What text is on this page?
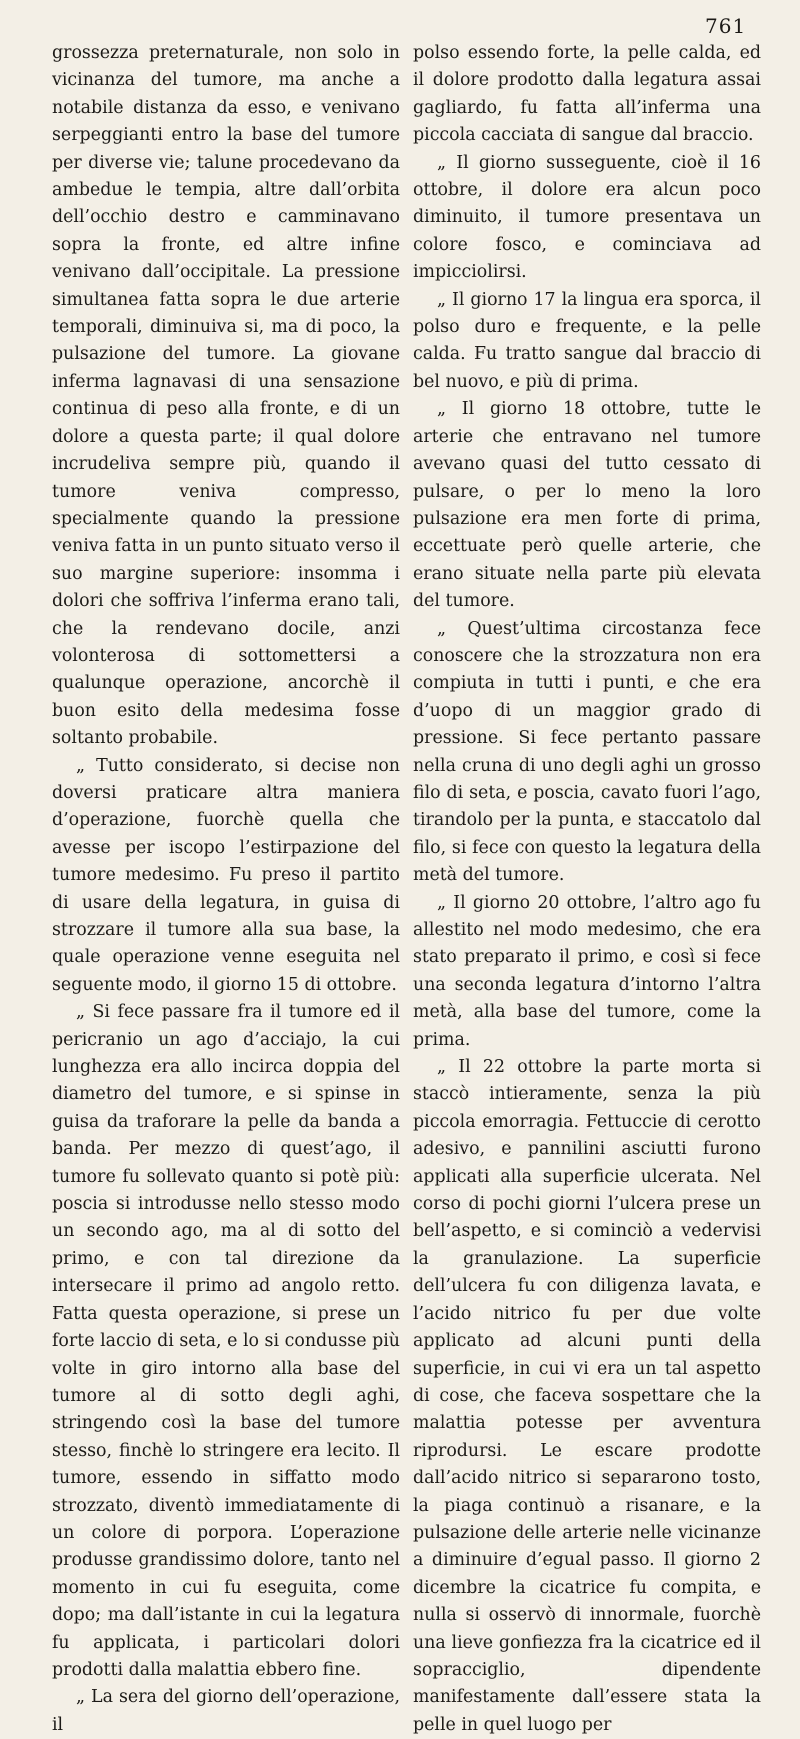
761

grossezza preternaturale, non solo in vicinanza del tumore, ma anche a notabile distanza da esso, e venivano serpeggianti entro la base del tumore per diverse vie; talune procedevano da ambedue le tempia, altre dall’orbita dell’occhio destro e camminavano sopra la fronte, ed altre infine venivano dall’occipitale. La pressione simultanea fatta sopra le due arterie temporali, diminuiva si, ma di poco, la pulsazione del tumore. La giovane inferma lagnavasi di una sensazione continua di peso alla fronte, e di un dolore a questa parte; il qual dolore incrudeliva sempre più, quando il tumore veniva compresso, specialmente quando la pressione veniva fatta in un punto situato verso il suo margine superiore: insomma i dolori che soffriva l’inferma erano tali, che la rendevano docile, anzi volonterosa di sottomettersi a qualunque operazione, ancorchè il buon esito della medesima fosse soltanto probabile.

„ Tutto considerato, si decise non doversi praticare altra maniera d’operazione, fuorchè quella che avesse per iscopo l’estirpazione del tumore medesimo. Fu preso il partito di usare della legatura, in guisa di strozzare il tumore alla sua base, la quale operazione venne eseguita nel seguente modo, il giorno 15 di ottobre.

„ Si fece passare fra il tumore ed il pericranio un ago d’acciajo, la cui lunghezza era allo incirca doppia del diametro del tumore, e si spinse in guisa da traforare la pelle da banda a banda. Per mezzo di quest’ago, il tumore fu sollevato quanto si potè più: poscia si introdusse nello stesso modo un secondo ago, ma al di sotto del primo, e con tal direzione da intersecare il primo ad angolo retto. Fatta questa operazione, si prese un forte laccio di seta, e lo si condusse più volte in giro intorno alla base del tumore al di sotto degli aghi, stringendo così la base del tumore stesso, finchè lo stringere era lecito. Il tumore, essendo in siffatto modo strozzato, diventò immediatamente di un colore di porpora. L’operazione produsse grandissimo dolore, tanto nel momento in cui fu eseguita, come dopo; ma dall’istante in cui la legatura fu applicata, i particolari dolori prodotti dalla malattia ebbero fine.

„ La sera del giorno dell’operazione, il

polso essendo forte, la pelle calda, ed il dolore prodotto dalla legatura assai gagliardo, fu fatta all’inferma una piccola cacciata di sangue dal braccio.

„ Il giorno susseguente, cioè il 16 ottobre, il dolore era alcun poco diminuito, il tumore presentava un colore fosco, e cominciava ad impicciolirsi.

„ Il giorno 17 la lingua era sporca, il polso duro e frequente, e la pelle calda. Fu tratto sangue dal braccio di bel nuovo, e più di prima.

„ Il giorno 18 ottobre, tutte le arterie che entravano nel tumore avevano quasi del tutto cessato di pulsare, o per lo meno la loro pulsazione era men forte di prima, eccettuate però quelle arterie, che erano situate nella parte più elevata del tumore.

„ Quest’ultima circostanza fece conoscere che la strozzatura non era compiuta in tutti i punti, e che era d’uopo di un maggior grado di pressione. Si fece pertanto passare nella cruna di uno degli aghi un grosso filo di seta, e poscia, cavato fuori l’ago, tirandolo per la punta, e staccatolo dal filo, si fece con questo la legatura della metà del tumore.

„ Il giorno 20 ottobre, l’altro ago fu allestito nel modo medesimo, che era stato preparato il primo, e così si fece una seconda legatura d’intorno l’altra metà, alla base del tumore, come la prima.

„ Il 22 ottobre la parte morta si staccò intieramente, senza la più piccola emorragia. Fettuccie di cerotto adesivo, e pannilini asciutti furono applicati alla superficie ulcerata. Nel corso di pochi giorni l’ulcera prese un bell’aspetto, e si cominciò a vedervisi la granulazione. La superficie dell’ulcera fu con diligenza lavata, e l’acido nitrico fu per due volte applicato ad alcuni punti della superficie, in cui vi era un tal aspetto di cose, che faceva sospettare che la malattia potesse per avventura riprodursi. Le escare prodotte dall’acido nitrico si separarono tosto, la piaga continuò a risanare, e la pulsazione delle arterie nelle vicinanze a diminuire d’egual passo. Il giorno 2 dicembre la cicatrice fu compita, e nulla si osservò di innormale, fuorchè una lieve gonfiezza fra la cicatrice ed il sopracciglio, dipendente manifestamente dall’essere stata la pelle in quel luogo per
